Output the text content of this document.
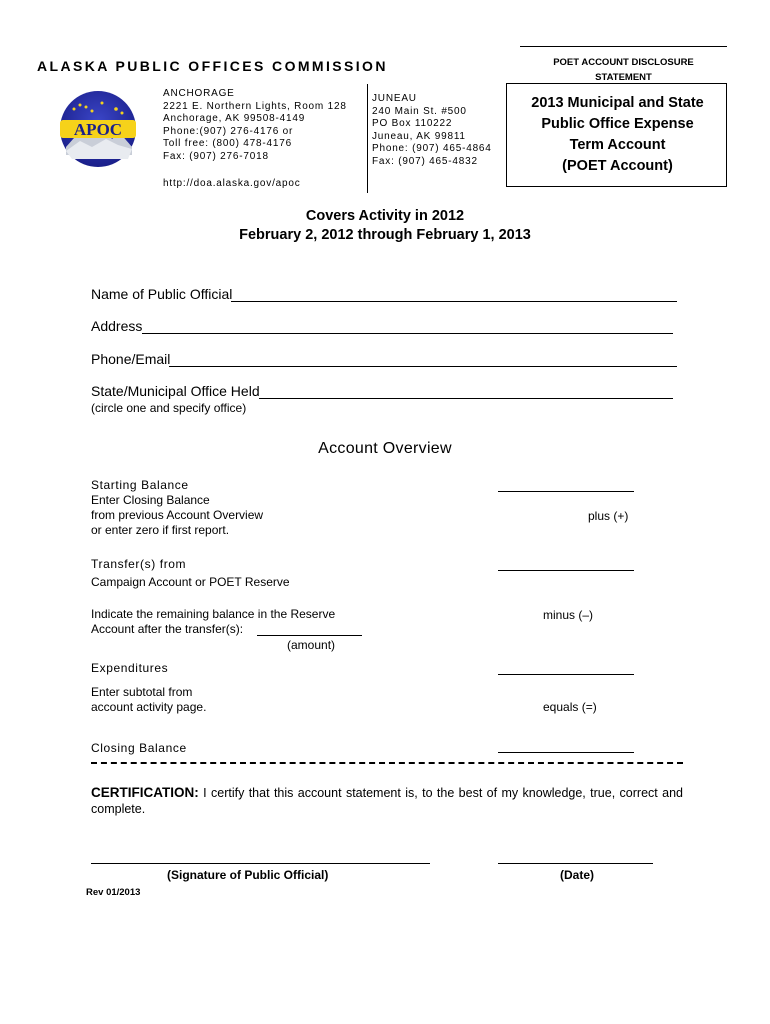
ALASKA PUBLIC OFFICES COMMISSION	POET ACCOUNT DISCLOSURE
STATEMENT
APOC
ANCHORAGE
2221 E. Northern Lights, Room 128
Anchorage, AK 99508-4149
Phone:(907) 276-4176 or
Toll free: (800) 478-4176
Fax: (907) 276-7018
JUNEAU
240 Main St. #500
PO Box 110222
Juneau, AK 99811
Phone: (907) 465-4864
Fax: (907) 465-4832
http://doa.alaska.gov/apoc
2013 Municipal and State
Public Office Expense
Term Account
(POET Account)
Covers Activity in 2012
February 2, 2012 through February 1, 2013
Name of Public Official
Address
Phone/Email
State/Municipal Office Held
(circle one and specify office)
Account Overview
Starting Balance
Enter Closing Balance
from previous Account Overview
or enter zero if first report.
plus (+)
Transfer(s) from
Campaign Account or POET Reserve
Indicate the remaining balance in the Reserve
Account after the transfer(s):
(amount)
minus (–)
Expenditures
Enter subtotal from
account activity page.	equals (=)
Closing Balance
CERTIFICATION: I certify that this account statement is, to the best of my knowledge, true, correct and complete.
(Signature of Public Official)	(Date)
Rev 01/2013
